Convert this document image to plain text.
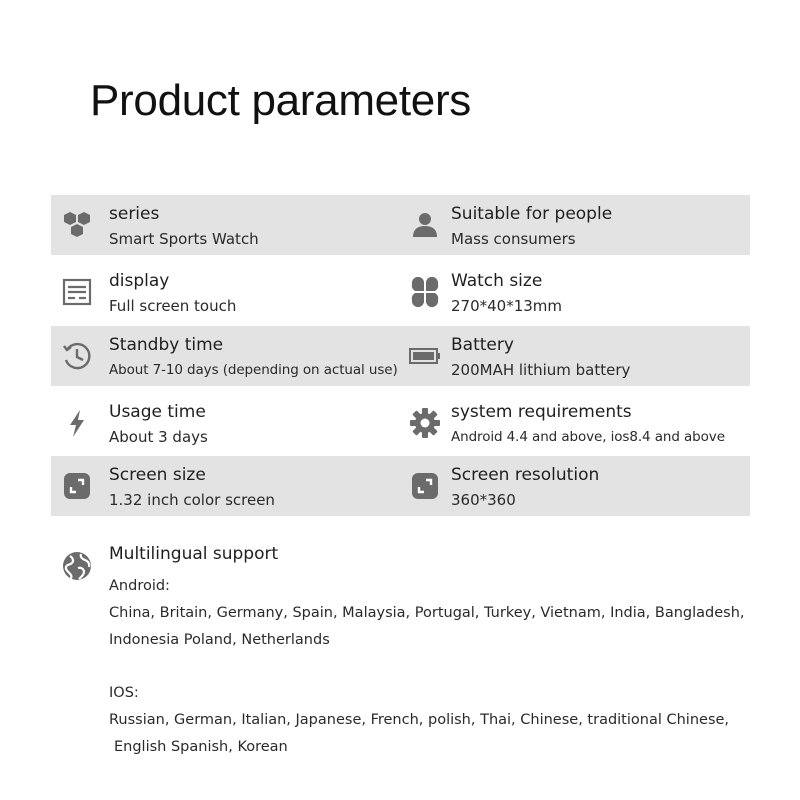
Product parameters
series
Smart Sports Watch
Suitable for people
Mass consumers
display
Full screen touch
Watch size
270*40*13mm
Standby time
About 7-10 days (depending on actual use)
Battery
200MAH lithium battery
Usage time
About 3 days
system requirements
Android 4.4 and above, ios8.4 and above
Screen size
1.32 inch color screen
Screen resolution
360*360
Multilingual support
Android:
China, Britain, Germany, Spain, Malaysia, Portugal, Turkey, Vietnam, India, Bangladesh,
Indonesia Poland, Netherlands
IOS:
Russian, German, Italian, Japanese, French, polish, Thai, Chinese, traditional Chinese,
English Spanish, Korean
